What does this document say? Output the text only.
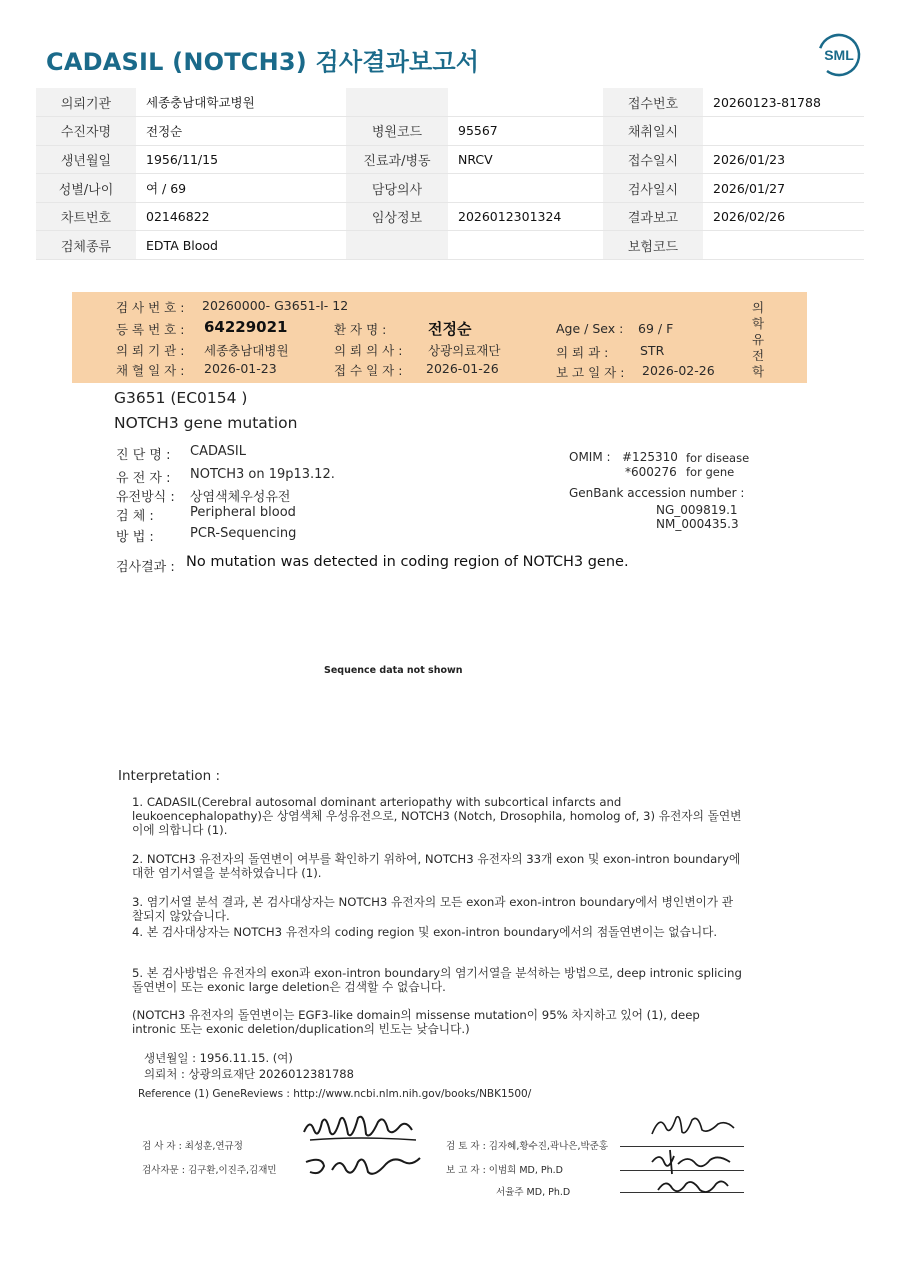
CADASIL (NOTCH3) 검사결과보고서	SML
의뢰기관	세종충남대학교병원			접수번호	20260123-81788
수진자명	전정순	병원코드	95567	채취일시	
생년월일	1956/11/15	진료과/병동	NRCV	접수일시	2026/01/23
성별/나이	여 / 69	담당의사		검사일시	2026/01/27
차트번호	02146822	임상정보	2026012301324	결과보고	2026/02/26
검체종류	EDTA Blood			보험코드	
검 사 번 호 : 20260000- G3651-I- 12
등 록 번 호 : 64229021	환 자 명 :	전정순	Age / Sex : 69 / F
의 뢰 기 관 : 세종충남대병원	의 뢰 의 사 : 상광의료재단	의 뢰 과 :	STR
채 혈 일 자 : 2026-01-23	접 수 일 자 : 2026-01-26	보 고 일 자 : 2026-02-26
의학유전학
G3651 (EC0154 )
NOTCH3 gene mutation
진 단 명 : CADASIL
유 전 자 : NOTCH3 on 19p13.12.
유전방식 : 상염색체우성유전
검 체 :	Peripheral blood
방 법 :	PCR-Sequencing
OMIM : #125310 for disease
*600276 for gene
GenBank accession number :
NG_009819.1
NM_000435.3
검사결과 : No mutation was detected in coding region of NOTCH3 gene.
Sequence data not shown
Interpretation :
1. CADASIL(Cerebral autosomal dominant arteriopathy with subcortical infarcts and leukoencephalopathy)은 상염색체 우성유전으로, NOTCH3 (Notch, Drosophila, homolog of, 3) 유전자의 돌연변이에 의합니다 (1).
2. NOTCH3 유전자의 돌연변이 여부를 확인하기 위하여, NOTCH3 유전자의 33개 exon 및 exon-intron boundary에 대한 염기서열을 분석하였습니다 (1).
3. 염기서열 분석 결과, 본 검사대상자는 NOTCH3 유전자의 모든 exon과 exon-intron boundary에서 병인변이가 관찰되지 않았습니다.
4. 본 검사대상자는 NOTCH3 유전자의 coding region 및 exon-intron boundary에서의 점돌연변이는 없습니다.
5. 본 검사방법은 유전자의 exon과 exon-intron boundary의 염기서열을 분석하는 방법으로, deep intronic splicing 돌연변이 또는 exonic large deletion은 검색할 수 없습니다.
(NOTCH3 유전자의 돌연변이는 EGF3-like domain의 missense mutation이 95% 차지하고 있어 (1), deep intronic 또는 exonic deletion/duplication의 빈도는 낮습니다.)
생년월일 : 1956.11.15. (여)
의뢰처 : 상광의료재단 2026012381788
Reference (1) GeneReviews : http://www.ncbi.nlm.nih.gov/books/NBK1500/
검 사 자 : 최성훈,연규정
검사자문 : 김구환,이진주,김재민
검 토 자 : 김자혜,황수진,곽나은,박준홍
보 고 자 : 이범희 MD, Ph.D
서율주 MD, Ph.D
